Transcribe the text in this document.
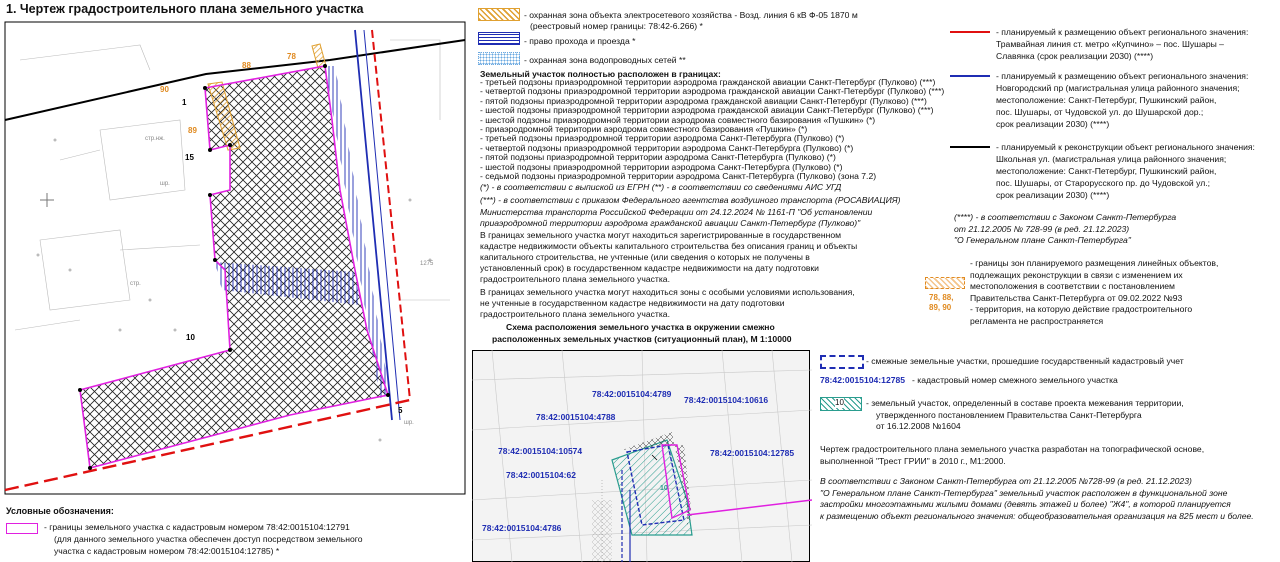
1. Чертеж градостроительного плана земельного участка
1
15
10
5
90
89
88
78
стр.нж.
шр.
стр.
1275
шр.
Условные обозначения:
- границы земельного участка с кадастровым номером 78:42:0015104:12791
(для данного земельного участка обеспечен доступ посредством земельного
участка с кадастровым номером 78:42:0015104:12785) *
- охранная зона объекта электросетевого хозяйства - Возд. линия 6 кВ Ф-05 1870 м
(реестровый номер границы: 78:42-6.266) *
- право прохода и проезда *
- охранная зона водопроводных сетей **
Земельный участок полностью расположен в границах:
- третьей подзоны приаэродромной территории аэродрома гражданской авиации Санкт-Петербург (Пулково) (***)
- четвертой подзоны приаэродромной территории аэродрома гражданской авиации Санкт-Петербург (Пулково) (***)
- пятой подзоны приаэродромной территории аэродрома гражданской авиации Санкт-Петербург (Пулково) (***)
- шестой подзоны приаэродромной территории аэродрома гражданской авиации Санкт-Петербург (Пулково) (***)
- шестой подзоны приаэродромной территории аэродрома совместного базирования «Пушкин» (*)
- приаэродромной территории аэродрома совместного базирования «Пушкин» (*)
- третьей подзоны приаэродромной территории аэродрома Санкт-Петербурга (Пулково) (*)
- четвертой подзоны приаэродромной территории аэродрома Санкт-Петербурга (Пулково) (*)
- пятой подзоны приаэродромной территории аэродрома Санкт-Петербурга (Пулково) (*)
- шестой подзоны приаэродромной территории аэродрома Санкт-Петербурга (Пулково) (*)
- седьмой подзоны приаэродромной территории аэродрома Санкт-Петербурга (Пулково) (зона 7.2)
(*) - в соответствии с выпиской из ЕГРН (**) - в соответствии со сведениями АИС УГД
(***) - в соответствии с приказом Федерального агентства воздушного транспорта (РОСАВИАЦИЯ)
Министерства транспорта Российской Федерации от 24.12.2024 № 1161-П "Об установлении
приаэродромной территории аэродрома гражданской авиации Санкт-Петербург (Пулково)"
В границах земельного участка могут находиться зарегистрированные в государственном кадастре недвижимости объекты капитального строительства без описания границ и объекты капитального строительства, не учтенные (или сведения о которых не получены в установленный срок) в государственном кадастре недвижимости на дату подготовки градостроительного плана земельного участка.
В границах земельного участка могут находиться зоны с особыми условиями использования, не учтенные в государственном кадастре недвижимости на дату подготовки градостроительного плана земельного участка.
Схема расположения земельного участка в окружении смежно
расположенных земельных участков (ситуационный план), М 1:10000
10
78:42:0015104:4789
78:42:0015104:10616
78:42:0015104:4788
78:42:0015104:10574	78:42:0015104:12785
78:42:0015104:62
78:42:0015104:4786
- планируемый к размещению объект регионального значения:
Трамвайная линия ст. метро «Купчино» – пос. Шушары –
Славянка (срок реализации 2030) (****)
- планируемый к размещению объект регионального значения:
Новгородский пр (магистральная улица районного значения;
местоположение: Санкт-Петербург, Пушкинский район,
пос. Шушары, от Чудовской ул. до Шушарской дор.;
срок реализации 2030) (****)
- планируемый к реконструкции объект регионального значения:
Школьная ул. (магистральная улица районного значения;
местоположение: Санкт-Петербург, Пушкинский район,
пос. Шушары, от Старорусского пр. до Чудовской ул.;
срок реализации 2030) (****)
(****) - в соответствии с Законом Санкт-Петербурга
от 21.12.2005 № 728-99 (в ред. 21.12.2023)
"О Генеральном плане Санкт-Петербурга"
78, 88,
89, 90
- границы зон планируемого размещения линейных объектов,
подлежащих реконструкции в связи с изменением их
местоположения в соответствии с постановлением
Правительства Санкт-Петербурга от 09.02.2022 №93
- территория, на которую действие градостроительного
регламента не распространяется
- смежные земельные участки, прошедшие государственный кадастровый учет
78:42:0015104:12785 - кадастровый номер смежного земельного участка
10	- земельный участок, определенный в составе проекта межевания территории,
утвержденного постановлением Правительства Санкт-Петербурга
от 16.12.2008 №1604
Чертеж градостроительного плана земельного участка разработан на топографической основе,
выполненной "Трест ГРИИ" в 2010 г., М1:2000.
В соответствии с Законом Санкт-Петербурга от 21.12.2005 №728-99 (в ред. 21.12.2023)
"О Генеральном плане Санкт-Петербурга" земельный участок расположен в функциональной зоне
застройки многоэтажными жилыми домами (девять этажей и более) "Ж4", в которой планируется
к размещению объект регионального значения: общеобразовательная организация на 825 мест и более.
